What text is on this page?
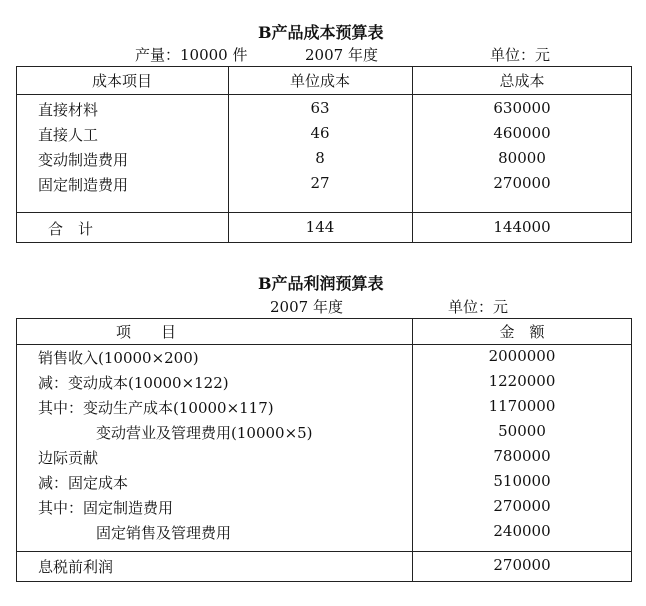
B产品成本预算表
产量：10000 件	2007 年度	单位：元
成本项目	单位成本	总成本
直接材料	63	630000
直接人工	46	460000
变动制造费用	8	80000
固定制造费用	27	270000
合　计	144	144000
B产品利润预算表
2007 年度	单位：元
项　　目	金　额
销售收入(10000×200)	2000000
减：变动成本(10000×122)	1220000
其中：变动生产成本(10000×117)	1170000
变动营业及管理费用(10000×5)	50000
边际贡献	780000
减：固定成本	510000
其中：固定制造费用	270000
固定销售及管理费用	240000
息税前利润	270000
